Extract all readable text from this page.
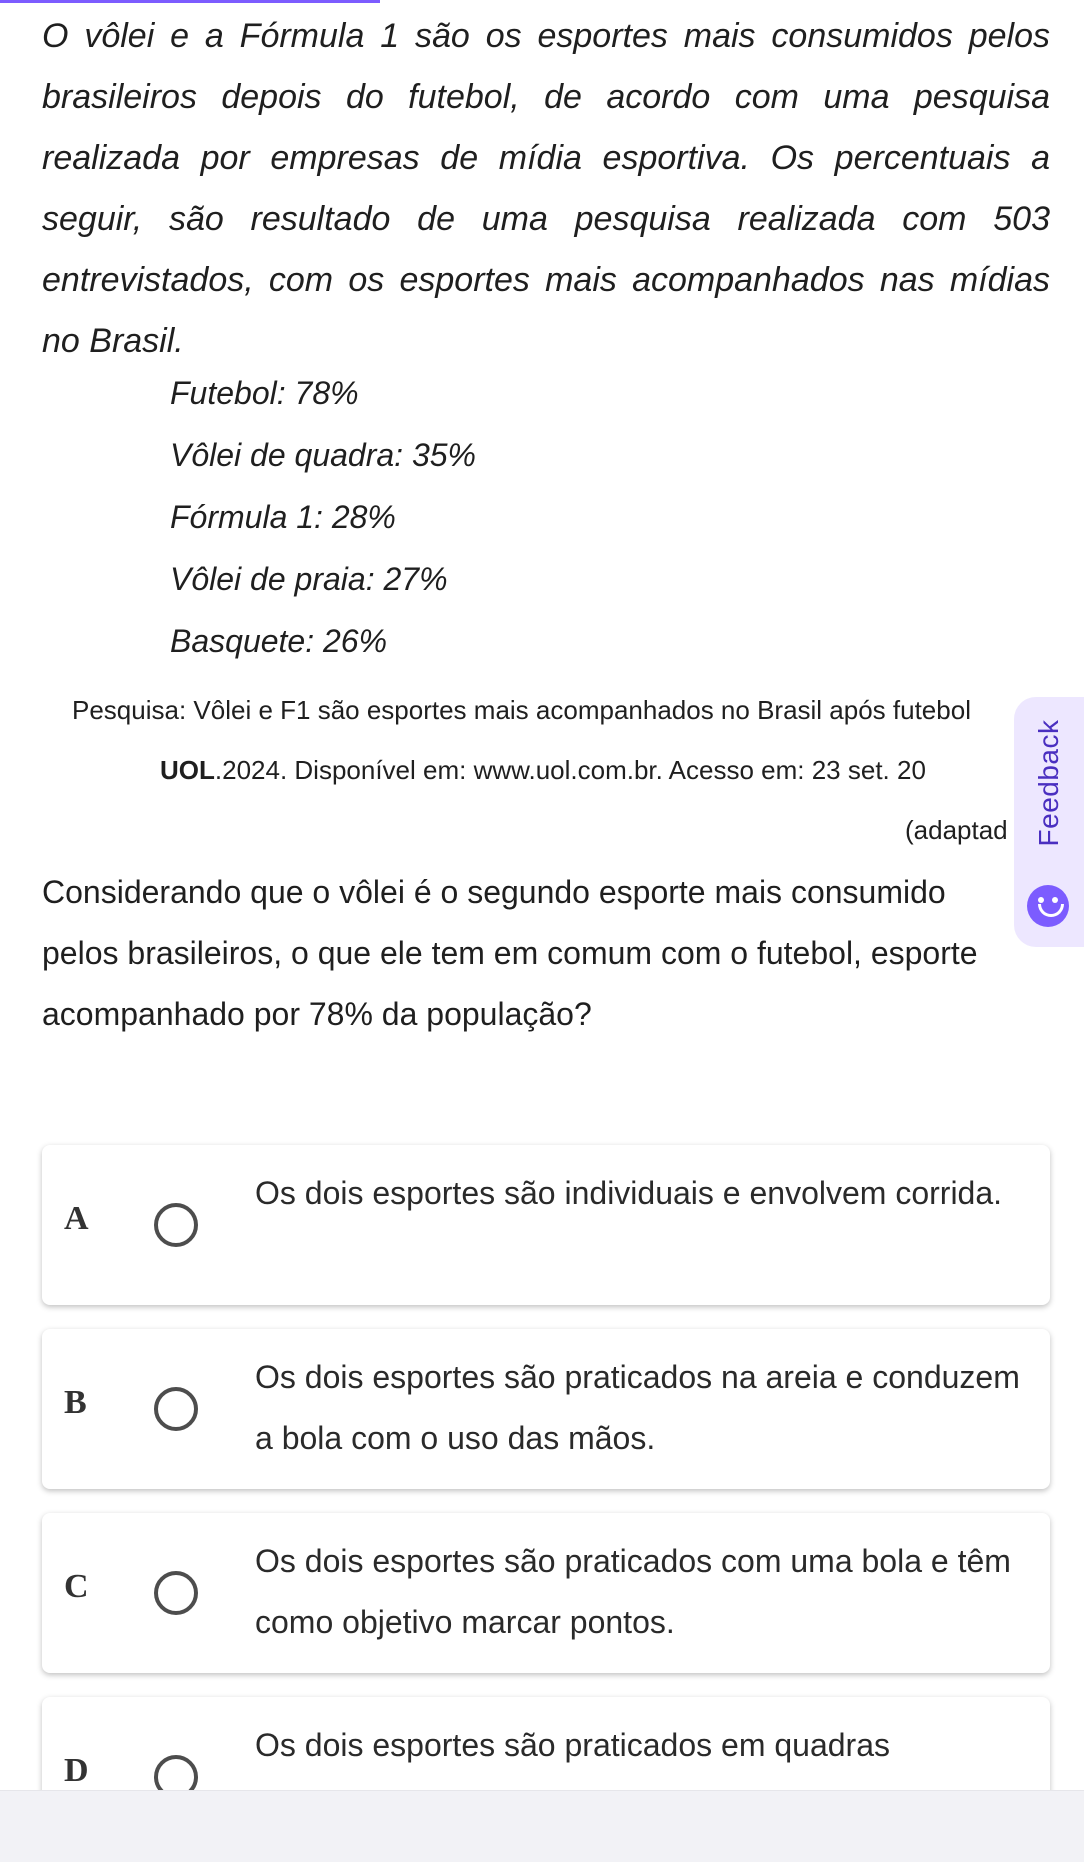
O vôlei e a Fórmula 1 são os esportes mais consumidos pelos brasileiros depois do futebol, de acordo com uma pesquisa realizada por empresas de mídia esportiva. Os percentuais a seguir, são resultado de uma pesquisa realizada com 503 entrevistados, com os esportes mais acompanhados nas mídias no Brasil.

Futebol: 78%
Vôlei de quadra: 35%
Fórmula 1: 28%
Vôlei de praia: 27%
Basquete: 26%
Pesquisa: Vôlei e F1 são esportes mais acompanhados no Brasil após futebol
UOL.2024. Disponível em: www.uol.com.br. Acesso em: 23 set. 20
(adaptad

Considerando que o vôlei é o segundo esporte mais consumido pelos brasileiros, o que ele tem em comum com o futebol, esporte acompanhado por 78% da população?

A
Os dois esportes são individuais e envolvem corrida.
B
Os dois esportes são praticados na areia e conduzem a bola com o uso das mãos.
C
Os dois esportes são praticados com uma bola e têm como objetivo marcar pontos.
D
Os dois esportes são praticados em quadras
Feedback
